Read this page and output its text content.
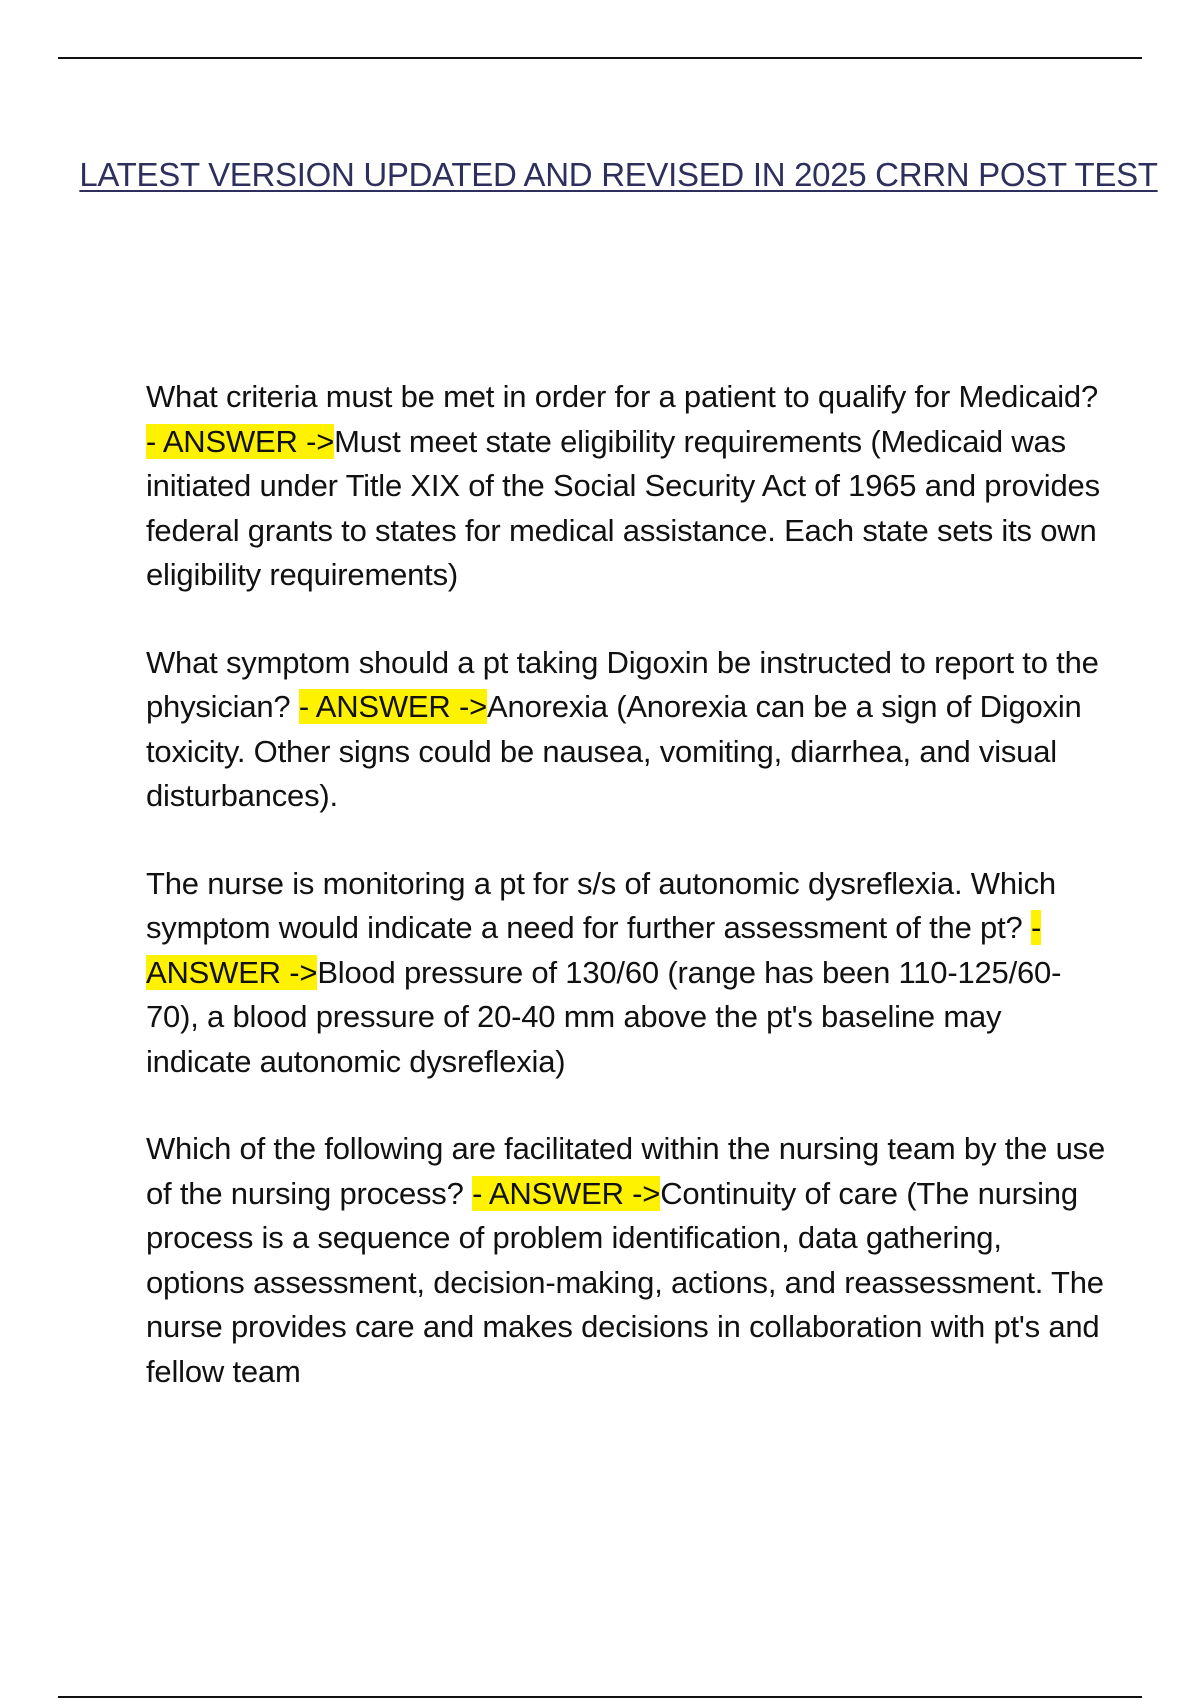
LATEST VERSION UPDATED AND REVISED IN 2025 CRRN POST TEST

What criteria must be met in order for a patient to qualify for Medicaid? - ANSWER ->Must meet state eligibility requirements (Medicaid was initiated under Title XIX of the Social Security Act of 1965 and provides federal grants to states for medical assistance. Each state sets its own eligibility requirements)

What symptom should a pt taking Digoxin be instructed to report to the physician? - ANSWER ->Anorexia (Anorexia can be a sign of Digoxin toxicity. Other signs could be nausea, vomiting, diarrhea, and visual disturbances).

The nurse is monitoring a pt for s/s of autonomic dysreflexia. Which symptom would indicate a need for further assessment of the pt? - ANSWER ->Blood pressure of 130/60 (range has been 110-125/60-70), a blood pressure of 20-40 mm above the pt's baseline may indicate autonomic dysreflexia)

Which of the following are facilitated within the nursing team by the use of the nursing process? - ANSWER ->Continuity of care (The nursing process is a sequence of problem identification, data gathering, options assessment, decision-making, actions, and reassessment. The nurse provides care and makes decisions in collaboration with pt's and fellow team
